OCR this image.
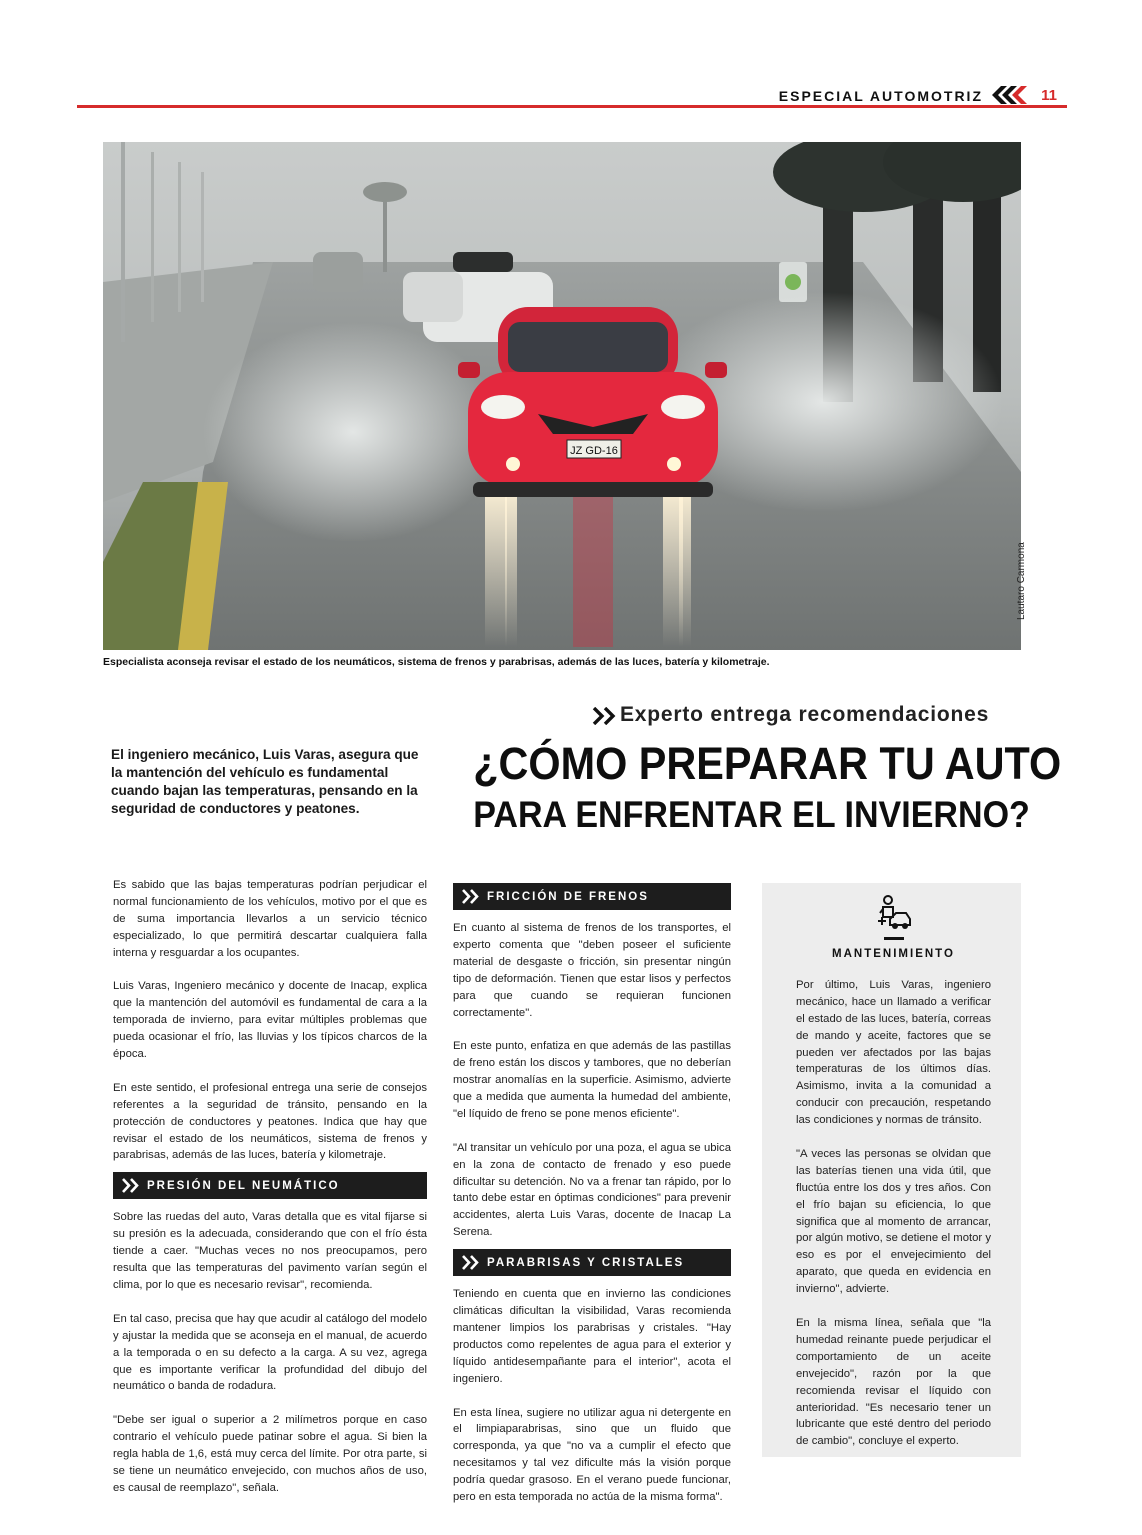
ESPECIAL AUTOMOTRIZ	11
JZ GD-16
Lautaro Carmona
Especialista aconseja revisar el estado de los neumáticos, sistema de frenos y parabrisas, además de las luces, batería y kilometraje.
Experto entrega recomendaciones
¿CÓMO PREPARAR TU AUTO
PARA ENFRENTAR EL INVIERNO?
El ingeniero mecánico, Luis Varas, asegura que la mantención del vehículo es fundamental cuando bajan las temperaturas, pensando en la seguridad de conductores y peatones.

Es sabido que las bajas temperaturas podrían perjudicar el normal funcionamiento de los vehículos, motivo por el que es de suma importancia llevarlos a un servicio técnico especializado, lo que permitirá descartar cualquiera falla interna y resguardar a los ocupantes.

Luis Varas, Ingeniero mecánico y docente de Inacap, explica que la mantención del automóvil es fundamental de cara a la temporada de invierno, para evitar múltiples problemas que pueda ocasionar el frío, las lluvias y los típicos charcos de la época.

En este sentido, el profesional entrega una serie de consejos referentes a la seguridad de tránsito, pensando en la protección de conductores y peatones. Indica que hay que revisar el estado de los neumáticos, sistema de frenos y parabrisas, además de las luces, batería y kilometraje.

PRESIÓN DEL NEUMÁTICO

Sobre las ruedas del auto, Varas detalla que es vital fijarse si su presión es la adecuada, considerando que con el frío ésta tiende a caer. "Muchas veces no nos preocupamos, pero resulta que las temperaturas del pavimento varían según el clima, por lo que es necesario revisar", recomienda.

En tal caso, precisa que hay que acudir al catálogo del modelo y ajustar la medida que se aconseja en el manual, de acuerdo a la temporada o en su defecto a la carga. A su vez, agrega que es importante verificar la profundidad del dibujo del neumático o banda de rodadura.

"Debe ser igual o superior a 2 milímetros porque en caso contrario el vehículo puede patinar sobre el agua. Si bien la regla habla de 1,6, está muy cerca del límite. Por otra parte, si se tiene un neumático envejecido, con muchos años de uso, es causal de reemplazo", señala.

FRICCIÓN DE FRENOS

En cuanto al sistema de frenos de los transportes, el experto comenta que "deben poseer el suficiente material de desgaste o fricción, sin presentar ningún tipo de deformación. Tienen que estar lisos y perfectos para que cuando se requieran funcionen correctamente".

En este punto, enfatiza en que además de las pastillas de freno están los discos y tambores, que no deberían mostrar anomalías en la superficie. Asimismo, advierte que a medida que aumenta la humedad del ambiente, "el líquido de freno se pone menos eficiente".

"Al transitar un vehículo por una poza, el agua se ubica en la zona de contacto de frenado y eso puede dificultar su detención. No va a frenar tan rápido, por lo tanto debe estar en óptimas condiciones" para prevenir accidentes, alerta Luis Varas, docente de Inacap La Serena.

PARABRISAS Y CRISTALES

Teniendo en cuenta que en invierno las condiciones climáticas dificultan la visibilidad, Varas recomienda mantener limpios los parabrisas y cristales. "Hay productos como repelentes de agua para el exterior y líquido antidesempañante para el interior", acota el ingeniero.

En esta línea, sugiere no utilizar agua ni detergente en el limpiaparabrisas, sino que un fluido que corresponda, ya que "no va a cumplir el efecto que necesitamos y tal vez dificulte más la visión porque podría quedar grasoso. En el verano puede funcionar, pero en esta temporada no actúa de la misma forma".

MANTENIMIENTO

Por último, Luis Varas, ingeniero mecánico, hace un llamado a verificar el estado de las luces, batería, correas de mando y aceite, factores que se pueden ver afectados por las bajas temperaturas de los últimos días. Asimismo, invita a la comunidad a conducir con precaución, respetando las condiciones y normas de tránsito.

"A veces las personas se olvidan que las baterías tienen una vida útil, que fluctúa entre los dos y tres años. Con el frío bajan su eficiencia, lo que significa que al momento de arrancar, por algún motivo, se detiene el motor y eso es por el envejecimiento del aparato, que queda en evidencia en invierno", advierte.

En la misma línea, señala que "la humedad reinante puede perjudicar el comportamiento de un aceite envejecido", razón por la que recomienda revisar el líquido con anterioridad. "Es necesario tener un lubricante que esté dentro del periodo de cambio", concluye el experto.
